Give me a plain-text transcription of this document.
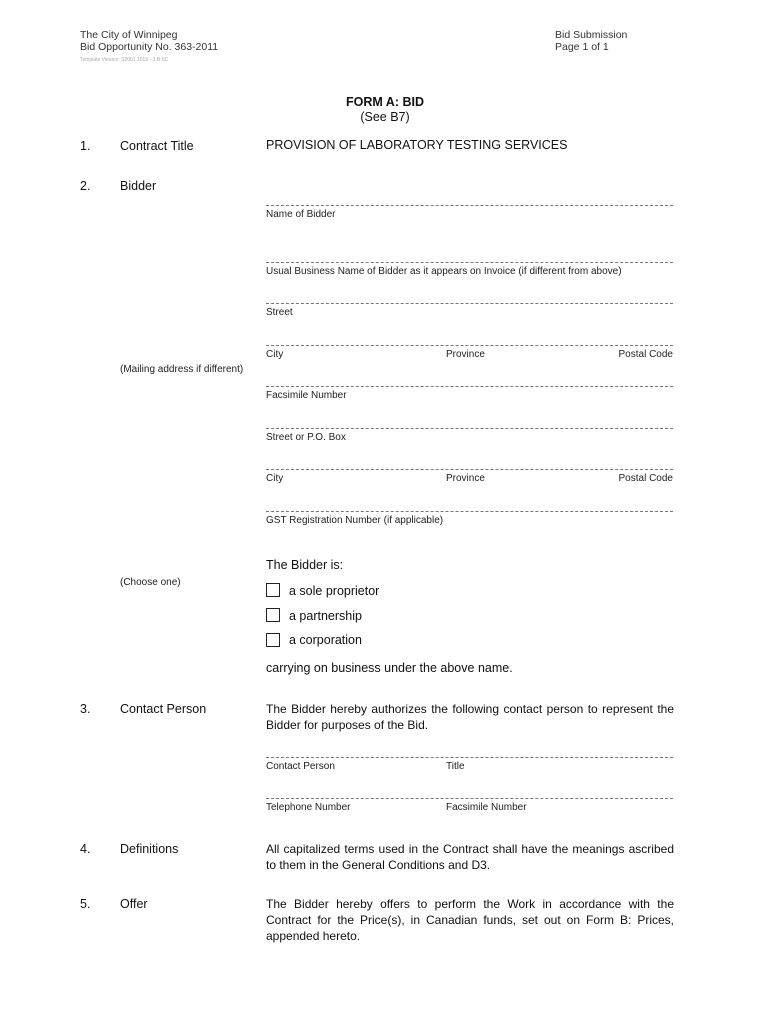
The City of Winnipeg
Bid Opportunity No. 363-2011
Bid Submission
Page 1 of 1
Template Version: S2001 1019 - 3 B SC
FORM A: BID
(See B7)
1. Contract Title	PROVISION OF LABORATORY TESTING SERVICES
2. Bidder
Name of Bidder
Usual Business Name of Bidder as it appears on Invoice (if different from above)
Street
City	Province	Postal Code
(Mailing address if different)
Facsimile Number
Street or P.O. Box
City	Province	Postal Code
GST Registration Number (if applicable)
The Bidder is:
(Choose one)
a sole proprietor
a partnership
a corporation
carrying on business under the above name.
3. Contact Person	The Bidder hereby authorizes the following contact person to represent the Bidder for purposes of the Bid.
Contact Person	Title
Telephone Number	Facsimile Number
4. Definitions	All capitalized terms used in the Contract shall have the meanings ascribed to them in the General Conditions and D3.
5. Offer	The Bidder hereby offers to perform the Work in accordance with the Contract for the Price(s), in Canadian funds, set out on Form B: Prices, appended hereto.
